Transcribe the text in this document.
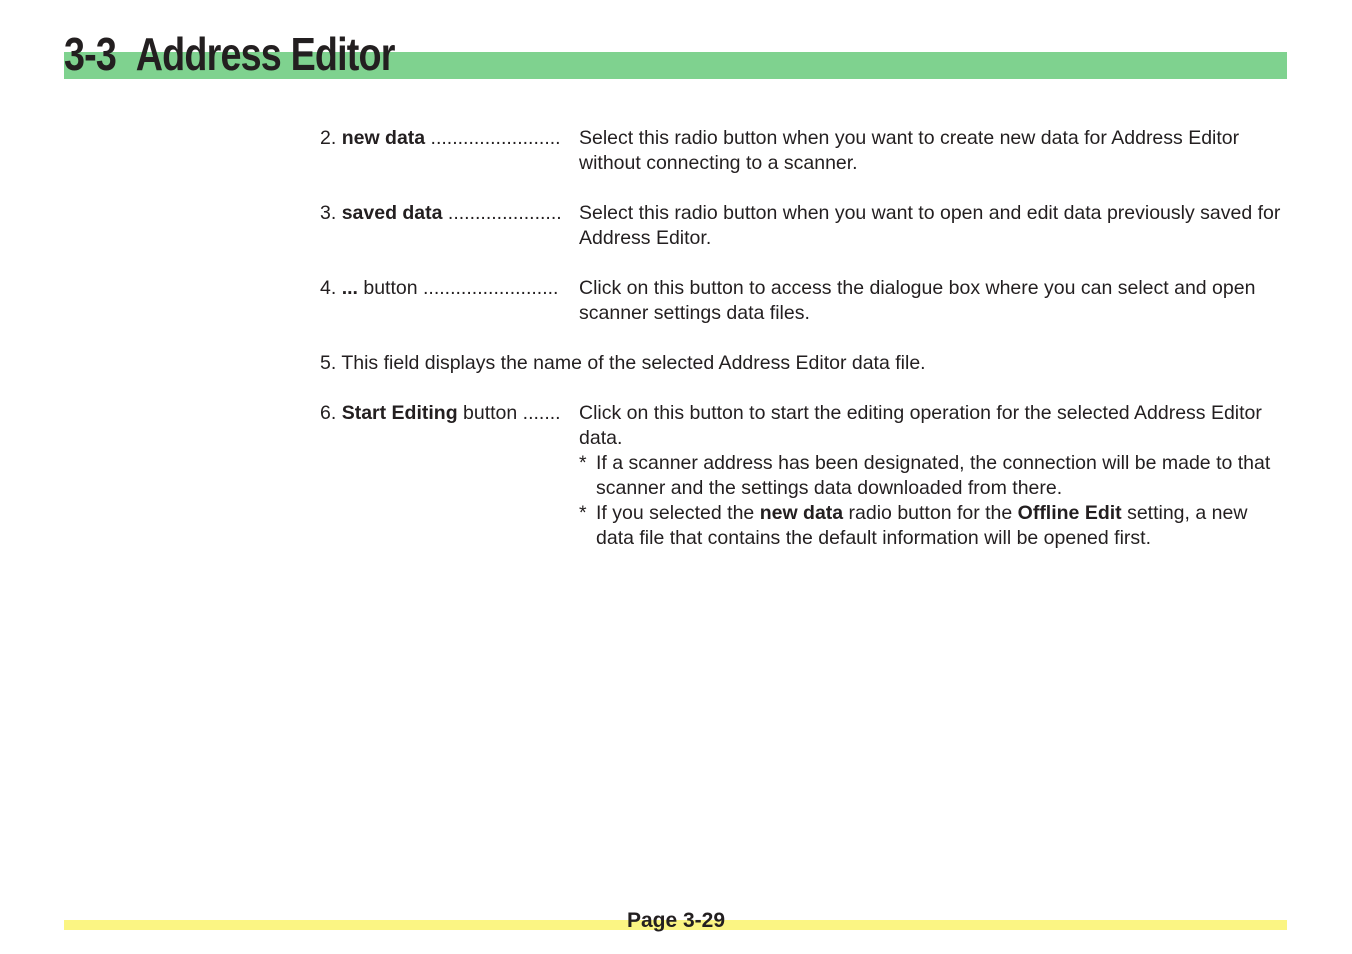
3-3 Address Editor
2. new data ........................ Select this radio button when you want to create new data for Address Editor without connecting to a scanner.
3. saved data ..................... Select this radio button when you want to open and edit data previously saved for Address Editor.
4. ... button .........................	Click on this button to access the dialogue box where you can select and open scanner settings data files.
5. This field displays the name of the selected Address Editor data file.
6. Start Editing button ....... Click on this button to start the editing operation for the selected Address Editor data.
* If a scanner address has been designated, the connection will be made to that scanner and the settings data downloaded from there.
* If you selected the new data radio button for the Offline Edit setting, a new data file that contains the default information will be opened first.
Page 3-29
